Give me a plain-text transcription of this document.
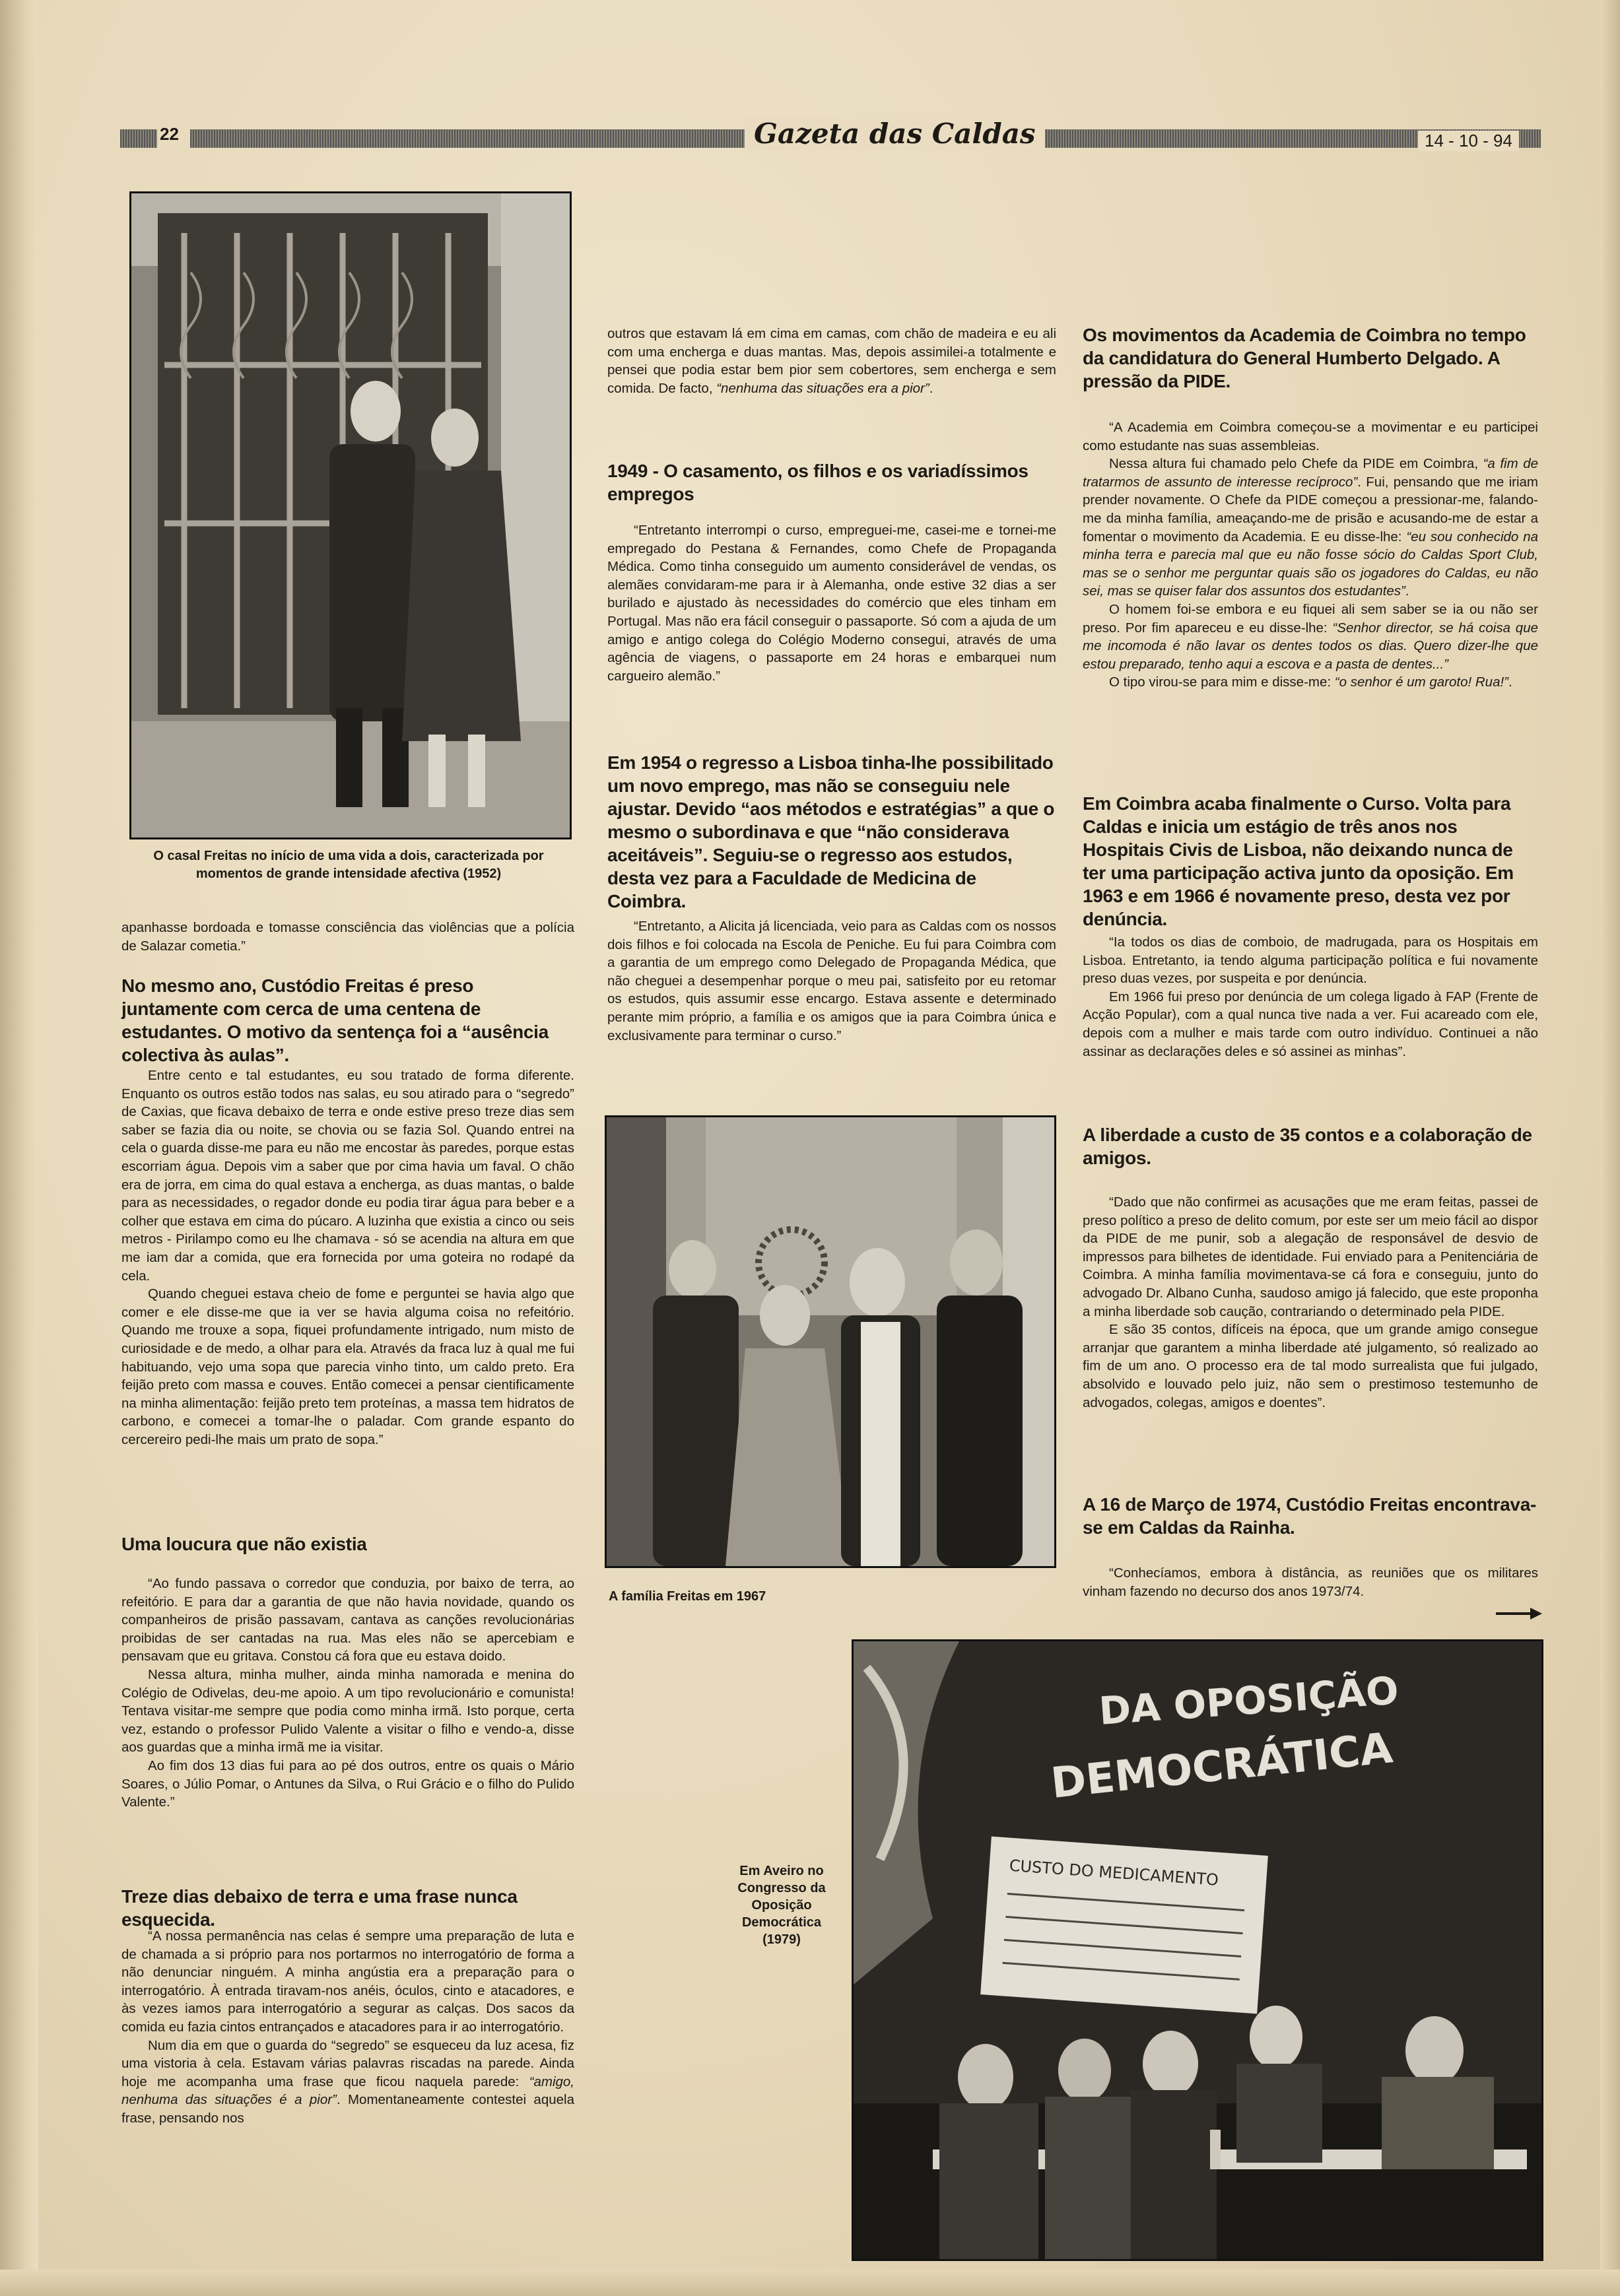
22	Gazeta das Caldas	14 - 10 - 94
O casal Freitas no início de uma vida a dois, caracterizada por momentos de grande intensidade afectiva (1952)

apanhasse bordoada e tomasse consciência das violências que a polícia de Salazar cometia.”

No mesmo ano, Custódio Freitas é preso juntamente com cerca de uma centena de estudantes. O motivo da sentença foi a “ausência colectiva às aulas”.

Entre cento e tal estudantes, eu sou tratado de forma diferente. Enquanto os outros estão todos nas salas, eu sou atirado para o “segredo” de Caxias, que ficava debaixo de terra e onde estive preso treze dias sem saber se fazia dia ou noite, se chovia ou se fazia Sol. Quando entrei na cela o guarda disse-me para eu não me encostar às paredes, porque estas escorriam água. Depois vim a saber que por cima havia um faval. O chão era de jorra, em cima do qual estava a encherga, as duas mantas, o balde para as necessidades, o regador donde eu podia tirar água para beber e a colher que estava em cima do púcaro. A luzinha que existia a cinco ou seis metros - Pirilampo como eu lhe chamava - só se acendia na altura em que me iam dar a comida, que era fornecida por uma goteira no rodapé da cela.

Quando cheguei estava cheio de fome e perguntei se havia algo que comer e ele disse-me que ia ver se havia alguma coisa no refeitório. Quando me trouxe a sopa, fiquei profundamente intrigado, num misto de curiosidade e de medo, a olhar para ela. Através da fraca luz à qual me fui habituando, vejo uma sopa que parecia vinho tinto, um caldo preto. Era feijão preto com massa e couves. Então comecei a pensar cientificamente na minha alimentação: feijão preto tem proteínas, a massa tem hidratos de carbono, e comecei a tomar-lhe o paladar. Com grande espanto do cercereiro pedi-lhe mais um prato de sopa.”

Uma loucura que não existia

“Ao fundo passava o corredor que conduzia, por baixo de terra, ao refeitório. E para dar a garantia de que não havia novidade, quando os companheiros de prisão passavam, cantava as canções revolucionárias proibidas de ser cantadas na rua. Mas eles não se apercebiam e pensavam que eu gritava. Constou cá fora que eu estava doido.

Nessa altura, minha mulher, ainda minha namorada e menina do Colégio de Odivelas, deu-me apoio. A um tipo revolucionário e comunista! Tentava visitar-me sempre que podia como minha irmã. Isto porque, certa vez, estando o professor Pulido Valente a visitar o filho e vendo-a, disse aos guardas que a minha irmã me ia visitar.

Ao fim dos 13 dias fui para ao pé dos outros, entre os quais o Mário Soares, o Júlio Pomar, o Antunes da Silva, o Rui Grácio e o filho do Pulido Valente.”

Treze dias debaixo de terra e uma frase nunca esquecida.

“A nossa permanência nas celas é sempre uma preparação de luta e de chamada a si próprio para nos portarmos no interrogatório de forma a não denunciar ninguém. A minha angústia era a preparação para o interrogatório. À entrada tiravam-nos anéis, óculos, cinto e atacadores, e às vezes iamos para interrogatório a segurar as calças. Dos sacos da comida eu fazia cintos entrançados e atacadores para ir ao interrogatório.

Num dia em que o guarda do “segredo” se esqueceu da luz acesa, fiz uma vistoria à cela. Estavam várias palavras riscadas na parede. Ainda hoje me acompanha uma frase que ficou naquela parede: “amigo, nenhuma das situações é a pior”. Momentaneamente contestei aquela frase, pensando nos

outros que estavam lá em cima em camas, com chão de madeira e eu ali com uma encherga e duas mantas. Mas, depois assimilei-a totalmente e pensei que podia estar bem pior sem cobertores, sem encherga e sem comida. De facto, “nenhuma das situações era a pior”.

1949 - O casamento, os filhos e os variadíssimos empregos

“Entretanto interrompi o curso, empreguei-me, casei-me e tornei-me empregado do Pestana & Fernandes, como Chefe de Propaganda Médica. Como tinha conseguido um aumento considerável de vendas, os alemães convidaram-me para ir à Alemanha, onde estive 32 dias a ser burilado e ajustado às necessidades do comércio que eles tinham em Portugal. Mas não era fácil conseguir o passaporte. Só com a ajuda de um amigo e antigo colega do Colégio Moderno consegui, através de uma agência de viagens, o passaporte em 24 horas e embarquei num cargueiro alemão.”

Em 1954 o regresso a Lisboa tinha-lhe possibilitado um novo emprego, mas não se conseguiu nele ajustar. Devido “aos métodos e estratégias” a que o mesmo o subordinava e que “não considerava aceitáveis”. Seguiu-se o regresso aos estudos, desta vez para a Faculdade de Medicina de Coimbra.

“Entretanto, a Alicita já licenciada, veio para as Caldas com os nossos dois filhos e foi colocada na Escola de Peniche. Eu fui para Coimbra com a garantia de um emprego como Delegado de Propaganda Médica, que não cheguei a desempenhar porque o meu pai, satisfeito por eu retomar os estudos, quis assumir esse encargo. Estava assente e determinado perante mim próprio, a família e os amigos que ia para Coimbra única e exclusivamente para terminar o curso.”

A família Freitas em 1967
Os movimentos da Academia de Coimbra no tempo da candidatura do General Humberto Delgado. A pressão da PIDE.

“A Academia em Coimbra começou-se a movimentar e eu participei como estudante nas suas assembleias.

Nessa altura fui chamado pelo Chefe da PIDE em Coimbra, “a fim de tratarmos de assunto de interesse recíproco”. Fui, pensando que me iriam prender novamente. O Chefe da PIDE começou a pressionar-me, falando-me da minha família, ameaçando-me de prisão e acusando-me de estar a fomentar o movimento da Academia. E eu disse-lhe: “eu sou conhecido na minha terra e parecia mal que eu não fosse sócio do Caldas Sport Club, mas se o senhor me perguntar quais são os jogadores do Caldas, eu não sei, mas se quiser falar dos assuntos dos estudantes”.

O homem foi-se embora e eu fiquei ali sem saber se ia ou não ser preso. Por fim apareceu e eu disse-lhe: “Senhor director, se há coisa que me incomoda é não lavar os dentes todos os dias. Quero dizer-lhe que estou preparado, tenho aqui a escova e a pasta de dentes...”

O tipo virou-se para mim e disse-me: “o senhor é um garoto! Rua!”.

Em Coimbra acaba finalmente o Curso. Volta para Caldas e inicia um estágio de três anos nos Hospitais Civis de Lisboa, não deixando nunca de ter uma participação activa junto da oposição. Em 1963 e em 1966 é novamente preso, desta vez por denúncia.

“Ia todos os dias de comboio, de madrugada, para os Hospitais em Lisboa. Entretanto, ia tendo alguma participação política e fui novamente preso duas vezes, por suspeita e por denúncia.

Em 1966 fui preso por denúncia de um colega ligado à FAP (Frente de Acção Popular), com a qual nunca tive nada a ver. Fui acareado com ele, depois com a mulher e mais tarde com outro indivíduo. Continuei a não assinar as declarações deles e só assinei as minhas”.

A liberdade a custo de 35 contos e a colaboração de amigos.

“Dado que não confirmei as acusações que me eram feitas, passei de preso político a preso de delito comum, por este ser um meio fácil ao dispor da PIDE de me punir, sob a alegação de responsável de desvio de impressos para bilhetes de identidade. Fui enviado para a Penitenciária de Coimbra. A minha família movimentava-se cá fora e conseguiu, junto do advogado Dr. Albano Cunha, saudoso amigo já falecido, que este proponha a minha liberdade sob caução, contrariando o determinado pela PIDE.

E são 35 contos, difíceis na época, que um grande amigo consegue arranjar que garantem a minha liberdade até julgamento, só realizado ao fim de um ano. O processo era de tal modo surrealista que fui julgado, absolvido e louvado pelo juiz, não sem o prestimoso testemunho de advogados, colegas, amigos e doentes”.

A 16 de Março de 1974, Custódio Freitas encontrava-se em Caldas da Rainha.

“Conhecíamos, embora à distância, as reuniões que os militares vinham fazendo no decurso dos anos 1973/74.

DA OPOSIÇÃO
DEMOCRÁTICA
CUSTO DO MEDICAMENTO
Em Aveiro no Congresso da Oposição Democrática (1979)
